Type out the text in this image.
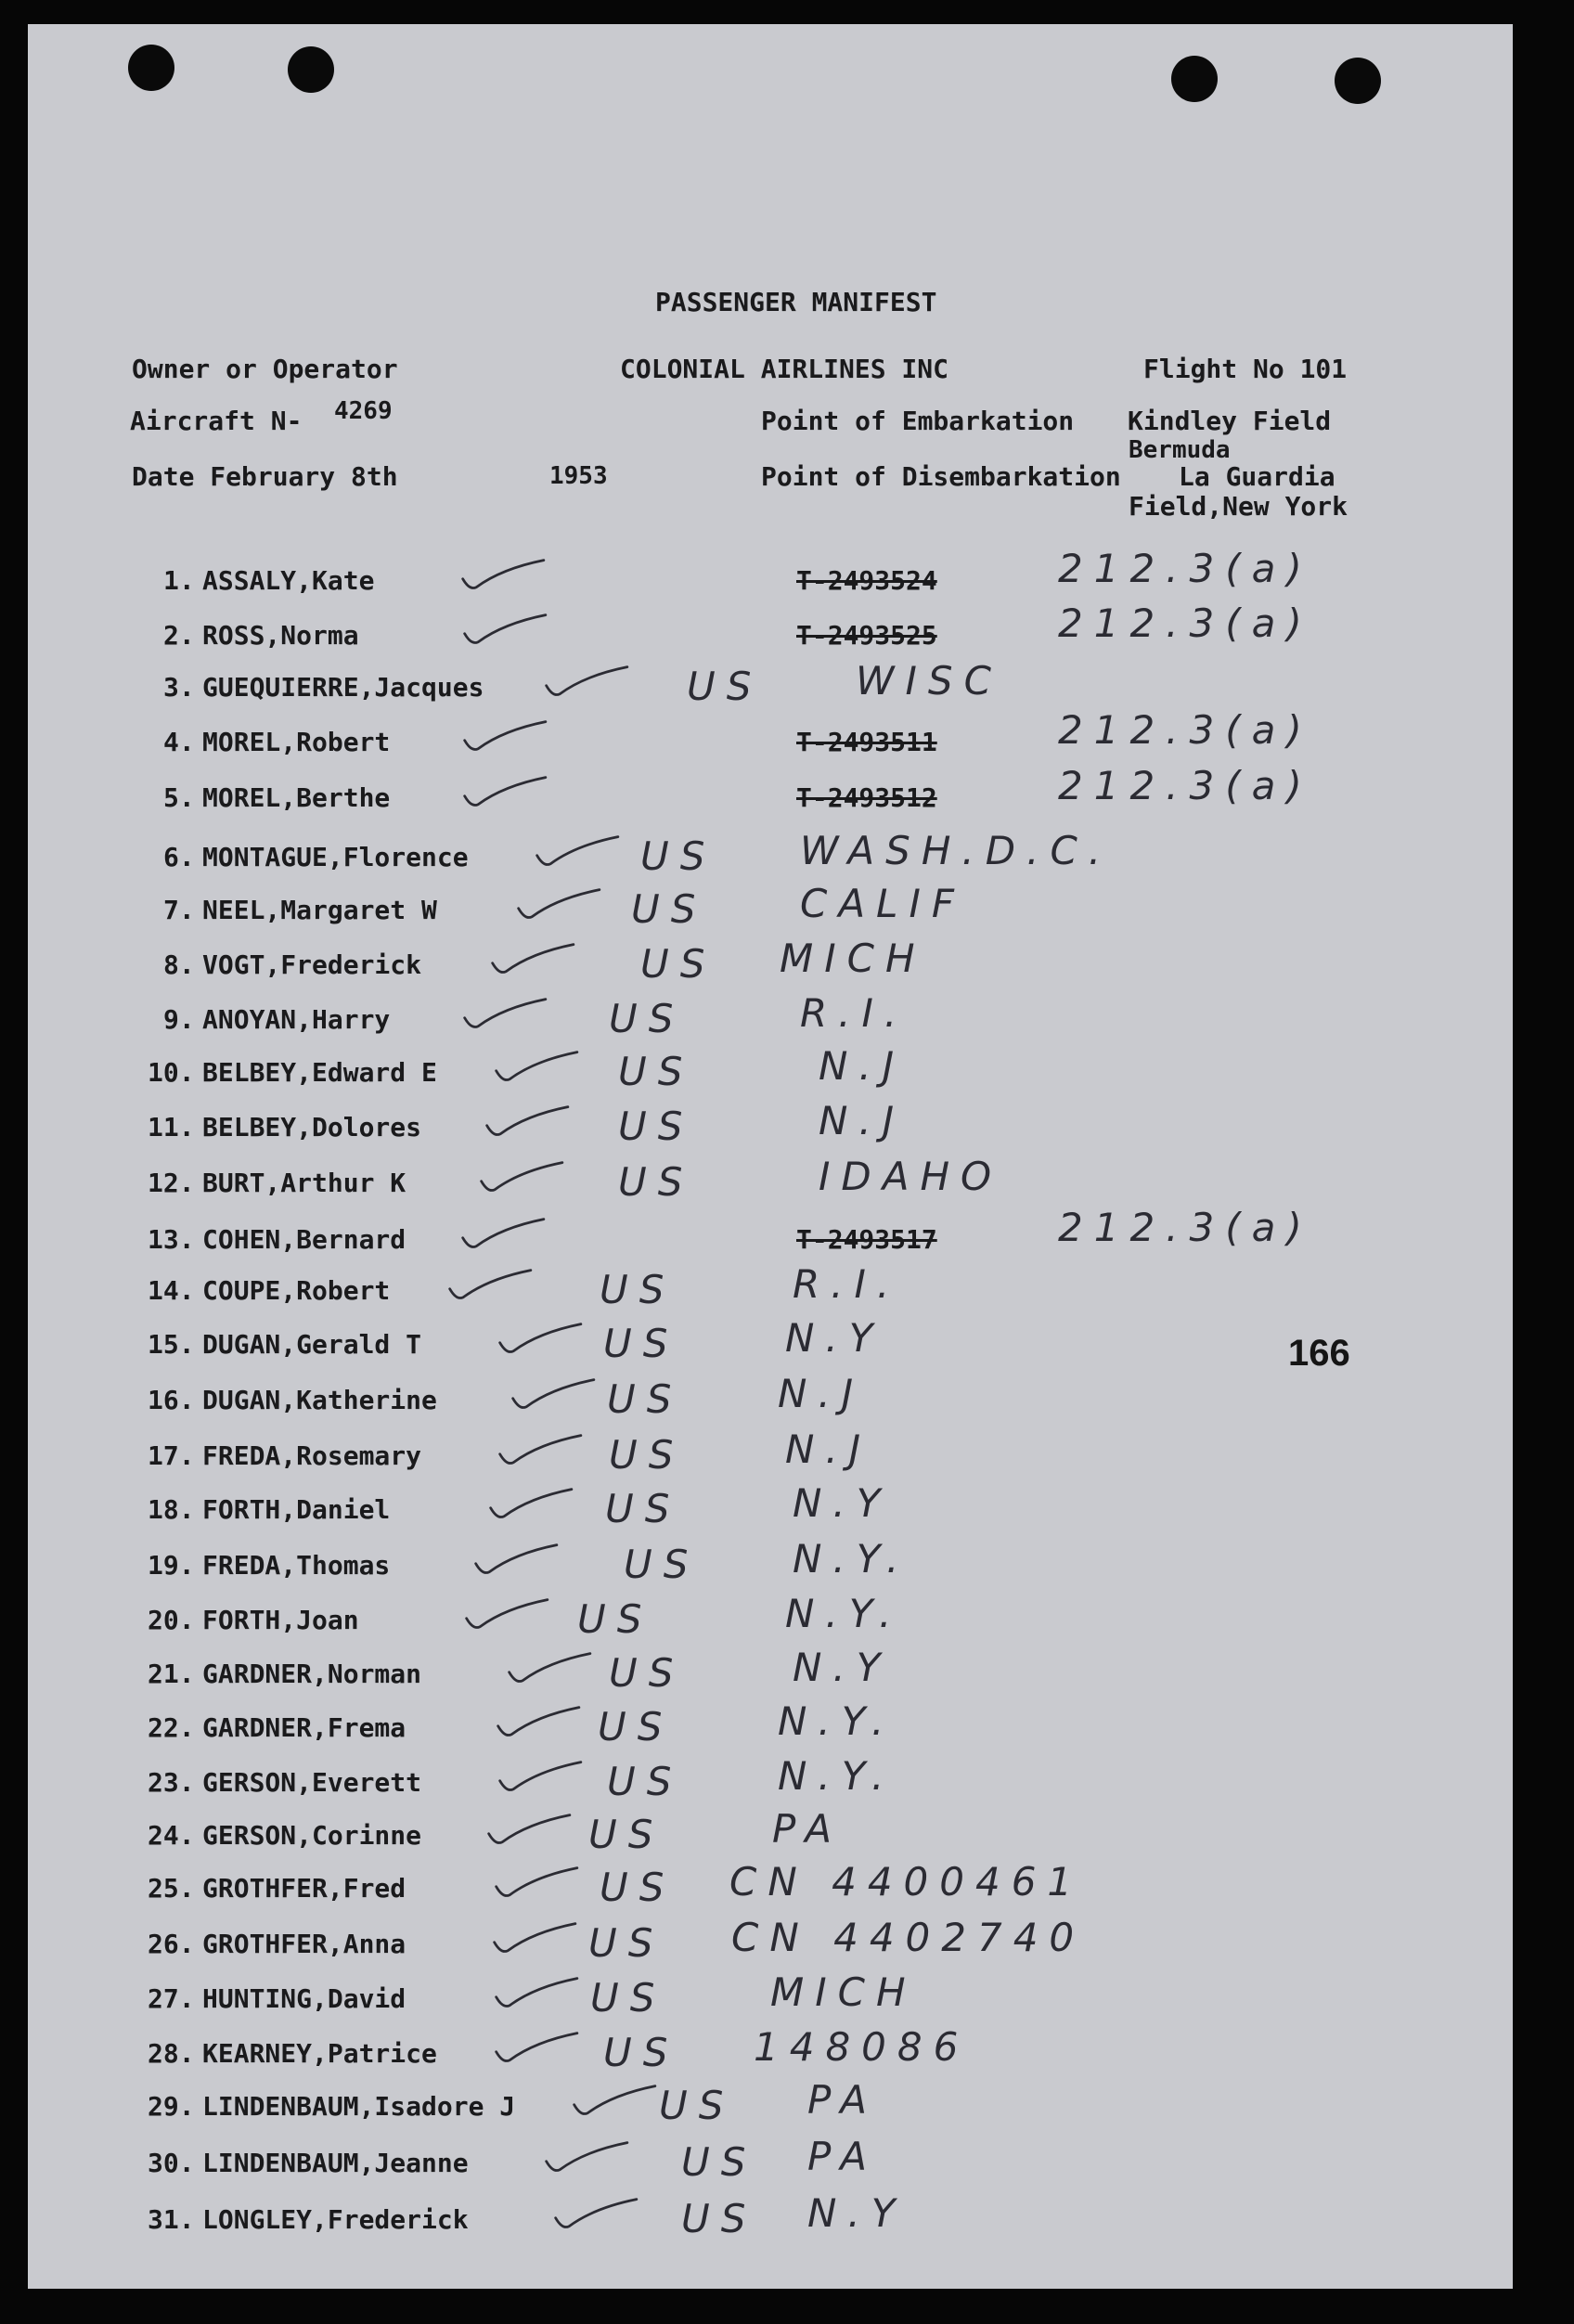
PASSENGER MANIFEST
Owner or Operator	COLONIAL AIRLINES INC	Flight No 101
Aircraft N- 4269	Point of Embarkation Kindley Field
Bermuda
Date February 8th	1953	Point of Disembarkation La Guardia
Field,New York
166
1. ASSALY,Kate	T-2493524	212.3(a)
2. ROSS,Norma	T-2493525	212.3(a)
3. GUEQUIERRE,Jacques	US WISC
4. MOREL,Robert	T-2493511	212.3(a)
5. MOREL,Berthe	T-2493512	212.3(a)
6. MONTAGUE,Florence	US WASH.D.C.
7. NEEL,Margaret W	US CALIF
8. VOGT,Frederick	US MICH
9. ANOYAN,Harry	US	R.I.
10. BELBEY,Edward E	US	N.J
11. BELBEY,Dolores	US	N.J
12. BURT,Arthur K	US	IDAHO
13. COHEN,Bernard	T-2493517	212.3(a)
14. COUPE,Robert	US	R.I.
15. DUGAN,Gerald T	US	N.Y
16. DUGAN,Katherine	US N.J
17. FREDA,Rosemary	US	N.J
18. FORTH,Daniel	US	N.Y
19. FREDA,Thomas	US N.Y.
20. FORTH,Joan	US	N.Y.
21. GARDNER,Norman	US	N.Y
22. GARDNER,Frema	US	N.Y.
23. GERSON,Everett	US N.Y.
24. GERSON,Corinne	US	PA
25. GROTHFER,Fred	US CN 4400461
26. GROTHFER,Anna	US CN 4402740
27. HUNTING,David	US	MICH
28. KEARNEY,Patrice	US 148086
29. LINDENBAUM,Isadore J	US PA
30. LINDENBAUM,Jeanne	US PA
31. LONGLEY,Frederick	US N.Y
